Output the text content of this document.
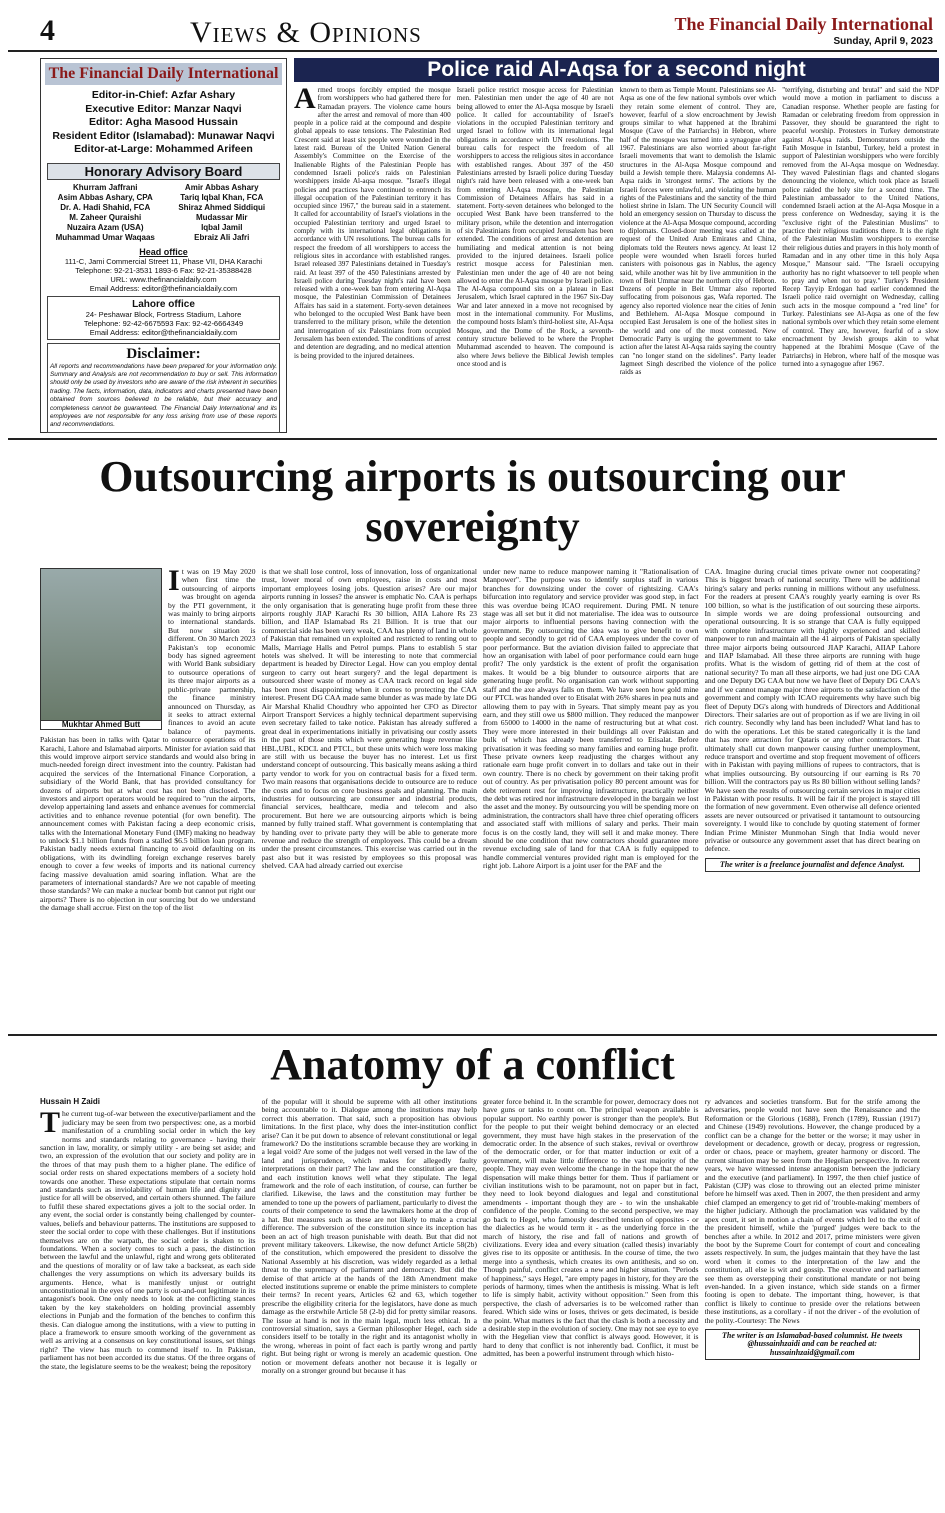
4	Views & Opinions	The Financial Daily International
Sunday, April 9, 2023
The Financial Daily International
Editor-in-Chief: Azfar Ashary
Executive Editor: Manzar Naqvi
Editor: Agha Masood Hussain
Resident Editor (Islamabad): Munawar Naqvi
Editor-at-Large: Mohammed Arifeen
Honorary Advisory Board
Khurram Jaffrani
Asim Abbas Ashary, CPA
Dr. A. Hadi Shahid, FCA
M. Zaheer Quraishi
Nuzaira Azam (USA)
Muhammad Umar Waqaas
Amir Abbas Ashary
Tariq Iqbal Khan, FCA
Shiraz Ahmed Siddiqui
Mudassar Mir
Iqbal Jamil
Ebraiz Ali Jafri
Head office
111-C, Jami Commercial Street 11, Phase VII, DHA Karachi
Telephone: 92-21-3531 1893-6 Fax: 92-21-35388428
URL: www.thefinancialdaily.com
Email Address: editor@thefinancialdaily.com
Lahore office
24- Peshawar Block, Fortress Stadium, Lahore
Telephone: 92-42-6675593 Fax: 92-42-6664349
Email Address: editor@thefinancialdaily.com
Disclaimer:
All reports and recommendations have been prepared for your information only. Summary and Analysis are not recommendation to buy or sell. This information should only be used by investors who are aware of the risk inherent in securities trading. The facts, information, data, indicators and charts presented have been obtained from sources believed to be reliable, but their accuracy and completeness cannot be guaranteed. The Financial Daily International and its employees are not responsible for any loss arising from use of these reports and recommendations.
Police raid Al-Aqsa for a second night
Armed troops forcibly emptied the mosque from worshippers who had gathered there for Ramadan prayers. The violence came hours after the arrest and removal of more than 400 people in a police raid at the compound and despite global appeals to ease tensions. The Palestinian Red Crescent said at least six people were wounded in the latest raid. Bureau of the United Nation General Assembly's Committee on the Exercise of the Inalienable Rights of the Palestinian People has condemned Israeli police's raids on Palestinian worshippers inside Al-aqsa mosque. "Israel's illegal policies and practices have continued to entrench its illegal occupation of the Palestinian territory it has occupied since 1967," the bureau said in a statement. It called for accountability of Israel's violations in the occupied Palestinian territory and urged Israel to comply with its international legal obligations in accordance with UN resolutions. The bureau calls for respect the freedom of all worshippers to access the religious sites in accordance with established ranges. Israel released 397 Palestinians detained in Tuesday's raid. At least 397 of the 450 Palestinians arrested by Israeli police during Tuesday night's raid have been released with a one-week ban from entering Al-Aqsa mosque, the Palestinian Commission of Detainees Affairs has said in a statement. Forty-seven detainees who belonged to the occupied West Bank have been transferred to the military prison, while the detention and interrogation of six Palestinians from occupied Jerusalem has been extended. The conditions of arrest and detention are degrading, and no medical attention is being provided to the injured detainees.
Israeli police restrict mosque access for Palestinian men. Palestinian men under the age of 40 are not being allowed to enter the Al-Aqsa mosque by Israeli police. It called for accountability of Israel's violations in the occupied Palestinian territory and urged Israel to follow with its international legal obligations in accordance with UN resolutions. The bureau calls for respect the freedom of all worshippers to access the religious sites in accordance with established ranges. About 397 of the 450 Palestinians arrested by Israeli police during Tuesday night's raid have been released with a one-week ban from entering Al-Aqsa mosque, the Palestinian Commission of Detainees Affairs has said in a statement. Forty-seven detainees who belonged to the occupied West Bank have been transferred to the military prison, while the detention and interrogation of six Palestinians from occupied Jerusalem has been extended. The conditions of arrest and detention are humiliating and medical attention is not being provided to the injured detainees. Israeli police restrict mosque access for Palestinian men. Palestinian men under the age of 40 are not being allowed to enter the Al-Aqsa mosque by Israeli police. The Al-Aqsa compound sits on a plateau in East Jerusalem, which Israel captured in the 1967 Six-Day War and later annexed in a move not recognised by most in the international community. For Muslims, the compound hosts Islam's third-holiest site, Al-Aqsa Mosque, and the Dome of the Rock, a seventh-century structure believed to be where the Prophet Muhammad ascended to heaven. The compound is also where Jews believe the Biblical Jewish temples once stood and is
known to them as Temple Mount. Palestinians see Al-Aqsa as one of the few national symbols over which they retain some element of control. They are, however, fearful of a slow encroachment by Jewish groups similar to what happened at the Ibrahimi Mosque (Cave of the Patriarchs) in Hebron, where half of the mosque was turned into a synagogue after 1967. Palestinians are also worried about far-right Israeli movements that want to demolish the Islamic structures in the Al-Aqsa Mosque compound and build a Jewish temple there. Malaysia condemns Al-Aqsa raids in 'strongest terms'. The actions by the Israeli forces were unlawful, and violating the human rights of the Palestinians and the sanctity of the third holiest shrine in Islam. The UN Security Council will hold an emergency session on Thursday to discuss the violence at the Al-Aqsa Mosque compound, according to diplomats. Closed-door meeting was called at the request of the United Arab Emirates and China, diplomats told the Reuters news agency. At least 12 people were wounded when Israeli forces hurled canisters with poisonous gas in Nablus, the agency said, while another was hit by live ammunition in the town of Beit Ummar near the northern city of Hebron. Dozens of people in Beit Ummar also reported suffocating from poisonous gas, Wafa reported. The agency also reported violence near the cities of Jenin and Bethlehem. Al-Aqsa Mosque compound in occupied East Jerusalem is one of the holiest sites in the world and one of the most contested. New Democratic Party is urging the government to take action after the latest Al-Aqsa raids saying the country can "no longer stand on the sidelines". Party leader Jagmeet Singh described the violence of the police raids as
"terrifying, disturbing and brutal" and said the NDP would move a motion in parliament to discuss a Canadian response. Whether people are fasting for Ramadan or celebrating freedom from oppression in Passover, they should be guaranteed the right to peaceful worship. Protesters in Turkey demonstrate against Al-Aqsa raids. Demonstrators outside the Fatih Mosque in Istanbul, Turkey, held a protest in support of Palestinian worshippers who were forcibly removed from the Al-Aqsa mosque on Wednesday. They waved Palestinian flags and chanted slogans denouncing the violence, which took place as Israeli police raided the holy site for a second time. The Palestinian ambassador to the United Nations, condemned Israeli action at the Al-Aqsa Mosque in a press conference on Wednesday, saying it is the "exclusive right of the Palestinian Muslims" to practice their religious traditions there. It is the right of the Palestinian Muslim worshippers to exercise their religious duties and prayers in this holy month of Ramadan and in any other time in this holy Aqsa Mosque," Mansour said. "The Israeli occupying authority has no right whatsoever to tell people when to pray and when not to pray." Turkey's President Recep Tayyip Erdogan had earlier condemned the Israeli police raid overnight on Wednesday, calling such acts in the mosque compound a "red line" for Turkey. Palestinians see Al-Aqsa as one of the few national symbols over which they retain some element of control. They are, however, fearful of a slow encroachment by Jewish groups akin to what happened at the Ibrahimi Mosque (Cave of the Patriarchs) in Hebron, where half of the mosque was turned into a synagogue after 1967.
Outsourcing airports is outsourcing our sovereignty
Mukhtar Ahmed Butt
I t was on 19 May 2020 when first time the outsourcing of airports was brought on agenda by the PTI government, it was mainly to bring airports to international standards. But now situation is different. On 30 March 2023 Pakistan's top economic body has signed agreement with World Bank subsidiary to outsource operations of its three major airports as a public-private partnership, the finance ministry announced on Thursday, as it seeks to attract external finances to avoid an acute balance of payments. Pakistan has been in talks with Qatar to outsource operations of its Karachi, Lahore and Islamabad airports. Minister for aviation said that this would improve airport service standards and would also bring in much-needed foreign direct investment into the country. Pakistan had acquired the services of the International Finance Corporation, a subsidiary of the World Bank, that has provided consultancy for dozens of airports but at what cost has not been disclosed. The investors and airport operators would be required to "run the airports, develop appertaining land assets and enhance avenues for commercial activities and to enhance revenue potential (for own benefit). The announcement comes with Pakistan facing a deep economic crisis, talks with the International Monetary Fund (IMF) making no headway to unlock $1.1 billion funds from a stalled $6.5 billion loan program. Pakistan badly needs external financing to avoid defaulting on its obligations, with its dwindling foreign exchange reserves barely enough to cover a few weeks of imports and its national currency facing massive devaluation amid soaring inflation. What are the parameters of international standards? Are we not capable of meeting those standards? We can make a nuclear bomb but cannot put right our airports? There is no objection in our sourcing but do we understand the damage shall accrue. First on the top of the list
is that we shall lose control, loss of innovation, loss of organizational trust, lower moral of own employees, raise in costs and most important employees losing jobs. Question arises? Are our major airports running in losses? the answer is emphatic No. CAA is perhaps the only organisation that is generating huge profit from these three airports roughly JIAP Karachi Rs 30 billion, AIIA Lahore Rs 23 billion, and IIAP Islamabad Rs 21 Billion. It is true that our commercial side has been very weak, CAA has plenty of land in whole of Pakistan that remained un exploited and restricted to renting out to Malls, Marriage Halls and Petrol pumps. Plans to establish 5 star hotels was shelved. It will be interesting to note that commercial department is headed by Director Legal. How can you employ dental surgeon to carry out heart surgery? and the legal department is outsourced sheer waste of money as CAA track record on legal side has been most disappointing when it comes to protecting the CAA interest. Present DG CAA made same blunder as was made by late DG Air Marshal Khalid Choudhry who appointed her CFO as Director Airport Transport Services a highly technical department supervising even secretary failed to take notice. Pakistan has already suffered a great deal in experimentations initially in privatising our costly assets in the past of those units which were generating huge revenue like HBL,UBL, KDCL and PTCL, but these units which were loss making are still with us because the buyer has no interest. Let us first understand concept of outsourcing. This basically means asking a third party vendor to work for you on contractual basis for a fixed term. Two main reasons that organisations decide to outsource are to reduce the costs and to focus on core business goals and planning. The main industries for outsourcing are consumer and industrial products, financial services, healthcare, media and telecom and also procurement. But here we are outsourcing airports which is being manned by fully trained staff. What government is contemplating that by handing over to private party they will be able to generate more revenue and reduce the strength of employees. This could be a dream under the present circumstances. This exercise was carried out in the past also but it was resisted by employees so this proposal was shelved. CAA had already carried out exercise
under new name to reduce manpower naming it "Rationalisation of Manpower". The purpose was to identify surplus staff in various branches for downsizing under the cover of rightsizing. CAA's bifurcation into regulatory and service provider was good step, in fact this was overdue being ICAO requirement. During PML N tenure stage was all set but it did not materialise. The idea was to outsource major airports to influential persons having connection with the government. By outsourcing the idea was to give benefit to own people and secondly to get rid of CAA employees under the cover of poor performance. But the aviation division failed to appreciate that how an organisation with label of poor performance could earn huge profit? The only yardstick is the extent of profit the organisation makes. It would be a big blunder to outsource airports that are generating huge profit. No organisation can work without supporting staff and the axe always falls on them. We have seen how gold mine our PTCL was handed over to Etisalat with 26% shares in pea nuts and allowing them to pay with in 5years. That simply meant pay as you earn, and they still owe us $800 million. They reduced the manpower from 65000 to 14000 in the name of restructuring but at what cost. They were more interested in their buildings all over Pakistan and bulk of which has already been transferred to Etisalat. Before privatisation it was feeding so many families and earning huge profit. These private owners keep readjusting the charges without any rationale earn huge profit convert in to dollars and take out in their own country. There is no check by government on their taking profit out of country. As per privatisation policy 80 percent amount was for debt retirement rest for improving infrastructure, practically neither the debt was retired nor infrastructure developed in the bargain we lost the asset and the money. By outsourcing you will be spending more on administration, the contractors shall have three chief operating officers and associated staff with millions of salary and perks. Their main focus is on the costly land, they will sell it and make money. There should be one condition that new contractors should guarantee more revenue excluding sale of land for that CAA is fully equipped to handle commercial ventures provided right man is employed for the right job. Lahore Airport is a joint user for the PAF and the
CAA. Imagine during crucial times private owner not cooperating? This is biggest breach of national security. There will be additional hiring's salary and perks running in millions without any usefulness. For the readers at present CAA's roughly yearly earning is over Rs 100 billion, so what is the justification of out sourcing these airports. In simple words we are doing professional outsourcing and operational outsourcing. It is so strange that CAA is fully equipped with complete infrastructure with highly experienced and skilled manpower to run and maintain all the 41 airports of Pakistan specially three major airports being outsourced JIAP Karachi, AIIAP Lahore and IIAP Islamabad. All these three airports are running with huge profits. What is the wisdom of getting rid of them at the cost of national security? To man all these airports, we had just one DG CAA and one Deputy DG CAA but now we have fleet of Deputy DG CAA's and if we cannot manage major three airports to the satisfaction of the government and comply with ICAO requirements why have such big fleet of Deputy DG's along with hundreds of Directors and Additional Directors. Their salaries are out of proportion as if we are living in oil rich country. Secondly why land has been included? What land has to do with the operations. Let this be stated categorically it is the land that has more attraction for Qataris or any other contractors. That ultimately shall cut down manpower causing further unemployment, reduce transport and overtime and stop frequent movement of officers with in Pakistan with paying millions of rupees to contractors, that is what implies outsourcing. By outsourcing if our earning is Rs 70 billion. Will the contractors pay us Rs 80 billion without selling lands? We have seen the results of outsourcing certain services in major cities in Pakistan with poor results. It will be fair if the project is stayed till the formation of new government. Even otherwise all defence oriented assets are never outsourced or privatised it tantamount to outsourcing sovereignty. I would like to conclude by quoting statement of former Indian Prime Minister Munmohan Singh that India would never privatise or outsource any government asset that has direct bearing on defence.
The writer is a freelance journalist and defence Analyst.
Anatomy of a conflict
Hussain H Zaidi
T he current tug-of-war between the executive/parliament and the judiciary may be seen from two perspectives: one, as a morbid manifestation of a crumbling social order in which the key norms and standards relating to governance - having their sanction in law, morality, or simply utility - are being set aside; and two, an expression of the evolution that our society and polity are in the throes of that may push them to a higher plane. The edifice of social order rests on shared expectations members of a society hold towards one another. These expectations stipulate that certain norms and standards such as inviolability of human life and dignity and justice for all will be observed, and certain others shunned. The failure to fulfil these shared expectations gives a jolt to the social order. In any event, the social order is constantly being challenged by counter-values, beliefs and behaviour patterns. The institutions are supposed to steer the social order to cope with these challenges. But if institutions themselves are on the warpath, the social order is shaken to its foundations. When a society comes to such a pass, the distinction between the lawful and the unlawful, right and wrong gets obliterated and the questions of morality or of law take a backseat, as each side challenges the very assumptions on which its adversary builds its arguments. Hence, what is manifestly unjust or outright unconstitutional in the eyes of one party is out-and-out legitimate in its antagonist's book. One only needs to look at the conflicting stances taken by the key stakeholders on holding provincial assembly elections in Punjab and the formation of the benches to confirm this thesis. Can dialogue among the institutions, with a view to putting in place a framework to ensure smooth working of the government as well as arriving at a consensus on key constitutional issues, set things right? The view has much to commend itself to. In Pakistan, parliament has not been accorded its due status. Of the three organs of the state, the legislature seems to be the weakest; being the repository
of the popular will it should be supreme with all other institutions being accountable to it. Dialogue among the institutions may help correct this aberration. That said, such a proposition has obvious limitations. In the first place, why does the inter-institution conflict arise? Can it be put down to absence of relevant constitutional or legal framework? Do the institutions scramble because they are working in a legal void? Are some of the judges not well versed in the law of the land and jurisprudence, which makes for allegedly faulty interpretations on their part? The law and the constitution are there, and each institution knows well what they stipulate. The legal framework and the role of each institution, of course, can further be clarified. Likewise, the laws and the constitution may further be amended to tone up the powers of parliament, particularly to divest the courts of their competence to send the lawmakers home at the drop of a hat. But measures such as these are not likely to make a crucial difference. The subversion of the constitution since its inception has been an act of high treason punishable with death. But that did not prevent military takeovers. Likewise, the now defunct Article 58(2b) of the constitution, which empowered the president to dissolve the National Assembly at his discretion, was widely regarded as a lethal threat to the supremacy of parliament and democracy. But did the demise of that article at the hands of the 18th Amendment make elected institutions supreme or enable the prime ministers to complete their terms? In recent years, Articles 62 and 63, which together prescribe the eligibility criteria for the legislators, have done as much damage as the erstwhile Article 58 (2-b) did for pretty similar reasons. The issue at hand is not in the main legal, much less ethical. In a controversial situation, says a German philosopher Hegel, each side considers itself to be totally in the right and its antagonist wholly in the wrong, whereas in point of fact each is partly wrong and partly right. But being right or wrong is merely an academic question. One notion or movement defeats another not because it is legally or morally on a stronger ground but because it has
greater force behind it. In the scramble for power, democracy does not have guns or tanks to count on. The principal weapon available is popular support. No earthly power is stronger than the people's. But for the people to put their weight behind democracy or an elected government, they must have high stakes in the preservation of the democratic order. In the absence of such stakes, revival or overthrow of the democratic order, or for that matter induction or exit of a government, will make little difference to the vast majority of the people. They may even welcome the change in the hope that the new dispensation will make things better for them. Thus if parliament or civilian institutions wish to be paramount, not on paper but in fact, they need to look beyond dialogues and legal and constitutional amendments - important though they are - to win the unshakable confidence of the people. Coming to the second perspective, we may go back to Hegel, who famously described tension of opposites - or the dialectics as he would term it - as the underlying force in the march of history, the rise and fall of nations and growth of civilizations. Every idea and every situation (called thesis) invariably gives rise to its opposite or antithesis. In the course of time, the two merge into a synthesis, which creates its own antithesis, and so on. Though painful, conflict creates a new and higher situation. "Periods of happiness," says Hegel, "are empty pages in history, for they are the periods of harmony, times when the antithesis is missing. What is left to life is simply habit, activity without opposition." Seen from this perspective, the clash of adversaries is to be welcomed rather than feared. Which side wins or loses, thrives or gets decimated, is beside the point. What matters is the fact that the clash is both a necessity and a desirable step in the evolution of society. One may not see eye to eye with the Hegelian view that conflict is always good. However, it is hard to deny that conflict is not inherently bad. Conflict, it must be admitted, has been a powerful instrument through which histo-
ry advances and societies transform. But for the strife among the adversaries, people would not have seen the Renaissance and the Reformation or the Glorious (1688), French (1789), Russian (1917) and Chinese (1949) revolutions. However, the change produced by a conflict can be a change for the better or the worse; it may usher in development or decadence, growth or decay, progress or regression, order or chaos, peace or mayhem, greater harmony or discord. The current situation may be seen from the Hegelian perspective. In recent years, we have witnessed intense antagonism between the judiciary and the executive (and parliament). In 1997, the then chief justice of Pakistan (CJP) was close to throwing out an elected prime minister before he himself was axed. Then in 2007, the then president and army chief clamped an emergency to get rid of 'trouble-making' members of the higher judiciary. Although the proclamation was validated by the apex court, it set in motion a chain of events which led to the exit of the president himself, while the 'purged' judges were back to the benches after a while. In 2012 and 2017, prime ministers were given the boot by the Supreme Court for contempt of court and concealing assets respectively. In sum, the judges maintain that they have the last word when it comes to the interpretation of the law and the constitution, all else is wit and gossip. The executive and parliament see them as overstepping their constitutional mandate or not being even-handed. In a given instance, which side stands on a firmer footing is open to debate. The important thing, however, is that conflict is likely to continue to preside over the relations between these institutions, as a corollary - if not the driver - of the evolution of the polity.-Courtesy: The News
The writer is an Islamabad-based columnist. He tweets @hussainhzaidi and can be reached at:
hussainhzaid@gmail.com
